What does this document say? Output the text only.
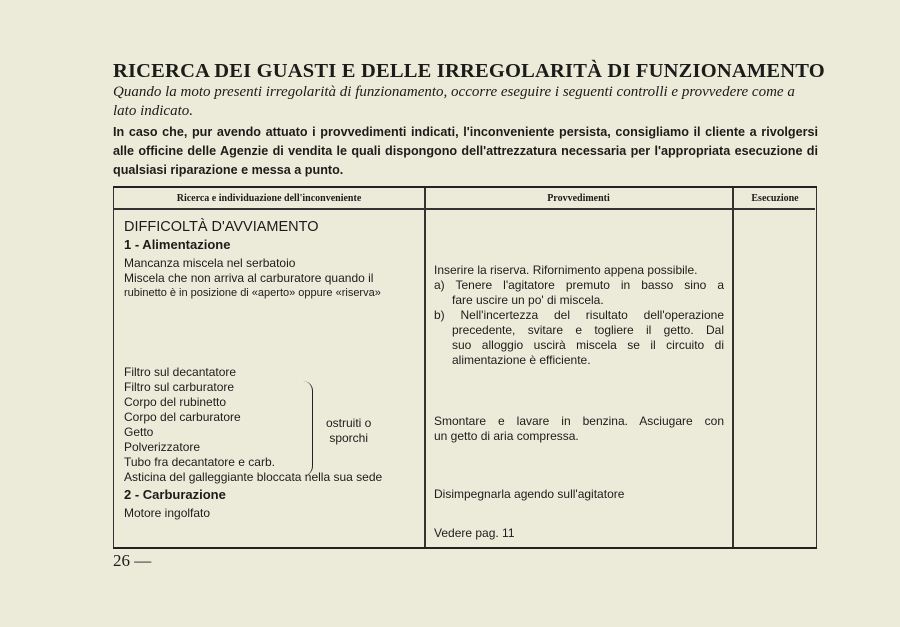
RICERCA DEI GUASTI E DELLE IRREGOLARITÀ DI FUNZIONAMENTO
Quando la moto presenti irregolarità di funzionamento, occorre eseguire i seguenti controlli e provvedere come a lato indicato.
In caso che, pur avendo attuato i provvedimenti indicati, l'inconveniente persista, consigliamo il cliente a rivolgersi alle officine delle Agenzie di vendita le quali dispongono dell'attrezzatura necessaria per l'appropriata esecuzione di qualsiasi riparazione e messa a punto.
Ricerca e individuazione dell'inconveniente	Provvedimenti	Esecuzione
DIFFICOLTÀ D'AVVIAMENTO
1 - Alimentazione
Mancanza miscela nel serbatoio
Miscela che non arriva al carburatore quando il
rubinetto è in posizione di «aperto» oppure «riserva»
Filtro sul decantatore
Filtro sul carburatore
Corpo del rubinetto
Corpo del carburatore
Getto
Polverizzatore
Tubo fra decantatore e carb.
Asticina del galleggiante bloccata nella sua sede
2 - Carburazione
Motore ingolfato
ostruiti o
sporchi
Inserire la riserva. Rifornimento appena possibile.
a) Tenere l'agitatore premuto in basso sino a
fare uscire un po' di miscela.
b) Nell'incertezza del risultato dell'operazione
precedente, svitare e togliere il getto. Dal
suo alloggio uscirà miscela se il circuito di
alimentazione è efficiente.
Smontare e lavare in benzina. Asciugare con
un getto di aria compressa.
Disimpegnarla agendo sull'agitatore
Vedere pag. 11
26 —
